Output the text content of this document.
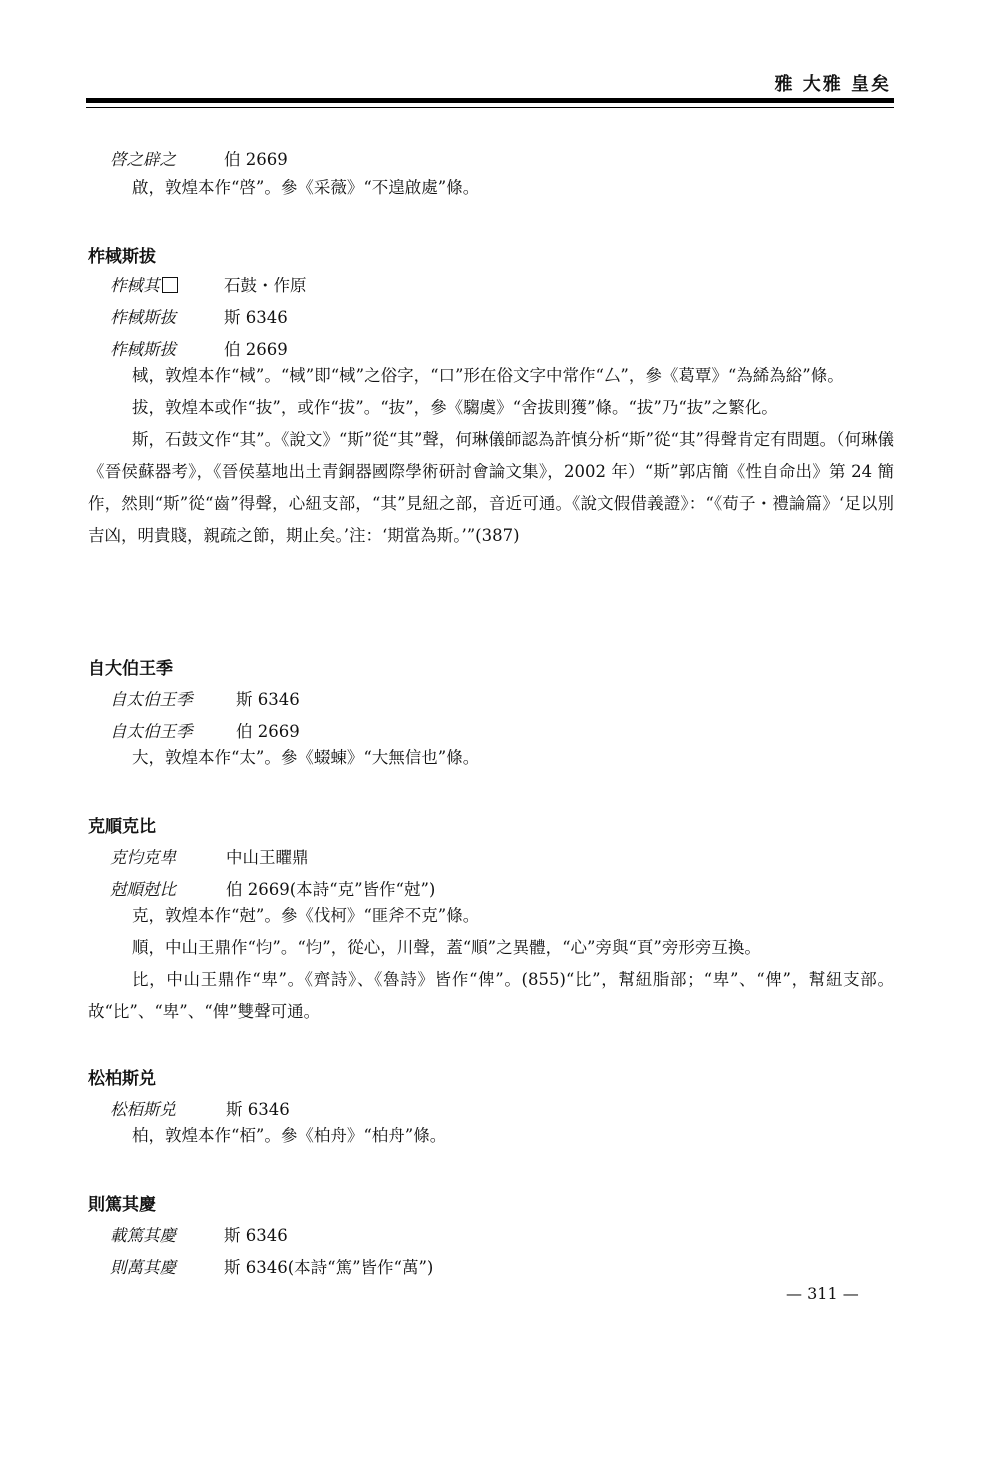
雅 大雅 皇矣
啓之辟之	伯 2669

啟，敦煌本作“啓”。參《采薇》“不遑啟處”條。

柞棫斯拔
柞棫其	石鼓・作原
柞棫斯抜	斯 6346
柞棫斯拔	伯 2669

棫，敦煌本作“棫”。“棫”即“棫”之俗字，“口”形在俗文字中常作“厶”，參《葛覃》“為絺為綌”條。

拔，敦煌本或作“抜”，或作“拔”。“抜”，參《騶虞》“舍拔則獲”條。“拔”乃“抜”之繁化。

斯，石鼓文作“其”。《說文》“斯”從“其”聲，何琳儀師認為許慎分析“斯”從“其”得聲肯定有問題。（何琳儀《晉侯蘇器考》，《晉侯墓地出土青銅器國際學術研討會論文集》，2002 年）“斯”郭店簡《性自命出》第 24 簡作，然則“斯”從“齒”得聲，心紐支部，“其”見紐之部，音近可通。《說文假借義證》：“《荀子・禮論篇》‘足以別吉凶，明貴賤，親疏之節，期止矣。’注：‘期當為斯。’”(387)

自大伯王季
自太伯王季	斯 6346
自太伯王季	伯 2669

大，敦煌本作“太”。參《蝃蝀》“大無信也”條。

克順克比
克𢗋克卑	中山王䂂鼎
尅順尅比	伯 2669(本詩“克”皆作“尅”)

克，敦煌本作“尅”。參《伐柯》“匪斧不克”條。

順，中山王鼎作“𢗋”。“𢗋”，從心，川聲，蓋“順”之異體，“心”旁與“頁”旁形旁互換。

比，中山王鼎作“卑”。《齊詩》、《魯詩》皆作“俾”。(855)“比”，幫紐脂部；“卑”、“俾”，幫紐支部。故“比”、“卑”、“俾”雙聲可通。

松柏斯兑
松栢斯兑	斯 6346

柏，敦煌本作“栢”。參《柏舟》“柏舟”條。

則篤其慶
載篤其慶	斯 6346
則萬其慶	斯 6346(本詩“篤”皆作“萬”)
— 311 —
